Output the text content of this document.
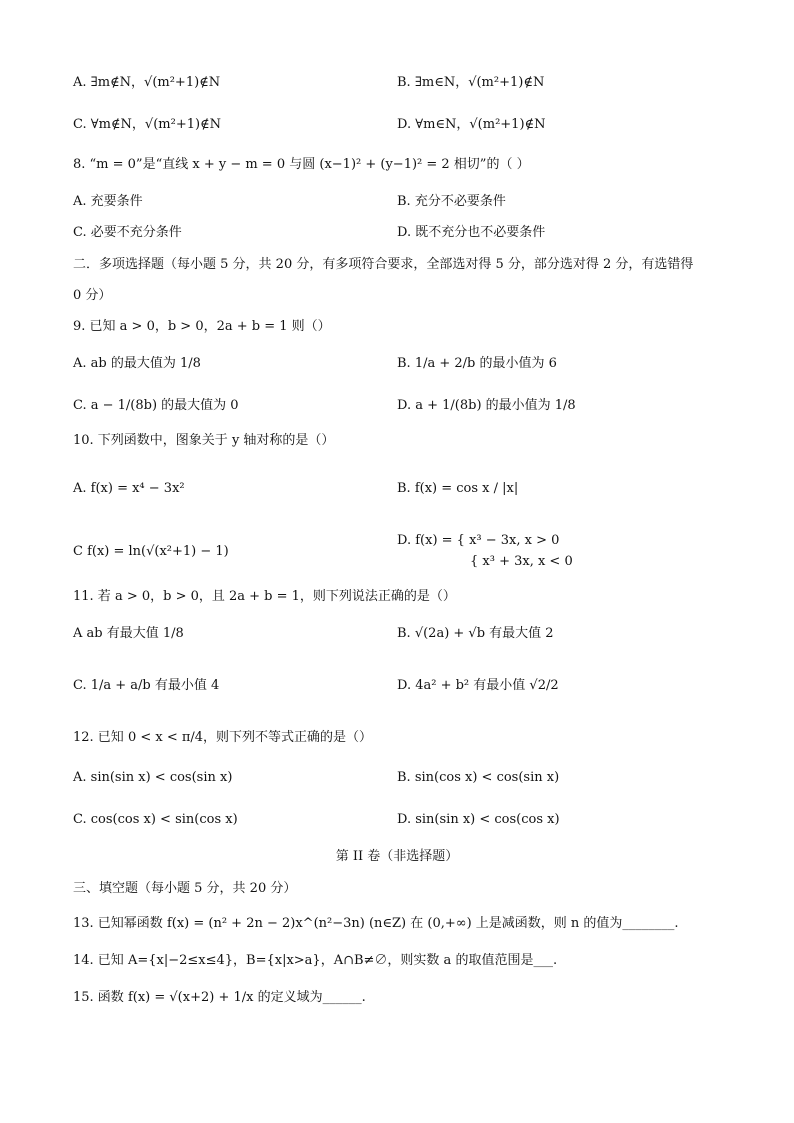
A. ∃m∉N，√(m²+1)∉N	B. ∃m∈N，√(m²+1)∉N
C. ∀m∉N，√(m²+1)∉N	D. ∀m∈N，√(m²+1)∉N
8. “m = 0”是“直线 x + y − m = 0 与圆 (x−1)² + (y−1)² = 2 相切”的（ ）
A. 充要条件	B. 充分不必要条件
C. 必要不充分条件	D. 既不充分也不必要条件
二．多项选择题（每小题 5 分，共 20 分，有多项符合要求，全部选对得 5 分，部分选对得 2 分，有选错得
0 分）
9. 已知 a > 0，b > 0，2a + b = 1 则（）
A. ab 的最大值为 1/8	B. 1/a + 2/b 的最小值为 6
C. a − 1/(8b) 的最大值为 0	D. a + 1/(8b) 的最小值为 1/8
10. 下列函数中，图象关于 y 轴对称的是（）
A. f(x) = x⁴ − 3x²	B. f(x) = cos x / |x|
C f(x) = ln(√(x²+1) − 1)
D. f(x) = { x³ − 3x, x > 0
{ x³ + 3x, x < 0
11. 若 a > 0，b > 0，且 2a + b = 1，则下列说法正确的是（）
A ab 有最大值 1/8	B. √(2a) + √b 有最大值 2
C. 1/a + a/b 有最小值 4	D. 4a² + b² 有最小值 √2/2
12. 已知 0 < x < π/4，则下列不等式正确的是（）
A. sin(sin x) < cos(sin x)	B. sin(cos x) < cos(sin x)
C. cos(cos x) < sin(cos x)	D. sin(sin x) < cos(cos x)
第 II 卷（非选择题）
三、填空题（每小题 5 分，共 20 分）
13. 已知幂函数 f(x) = (n² + 2n − 2)x^(n²−3n) (n∈Z) 在 (0,+∞) 上是减函数，则 n 的值为________.
14. 已知 A={x|−2≤x≤4}，B={x|x>a}，A∩B≠∅，则实数 a 的取值范围是___.
15. 函数 f(x) = √(x+2) + 1/x 的定义域为______.
